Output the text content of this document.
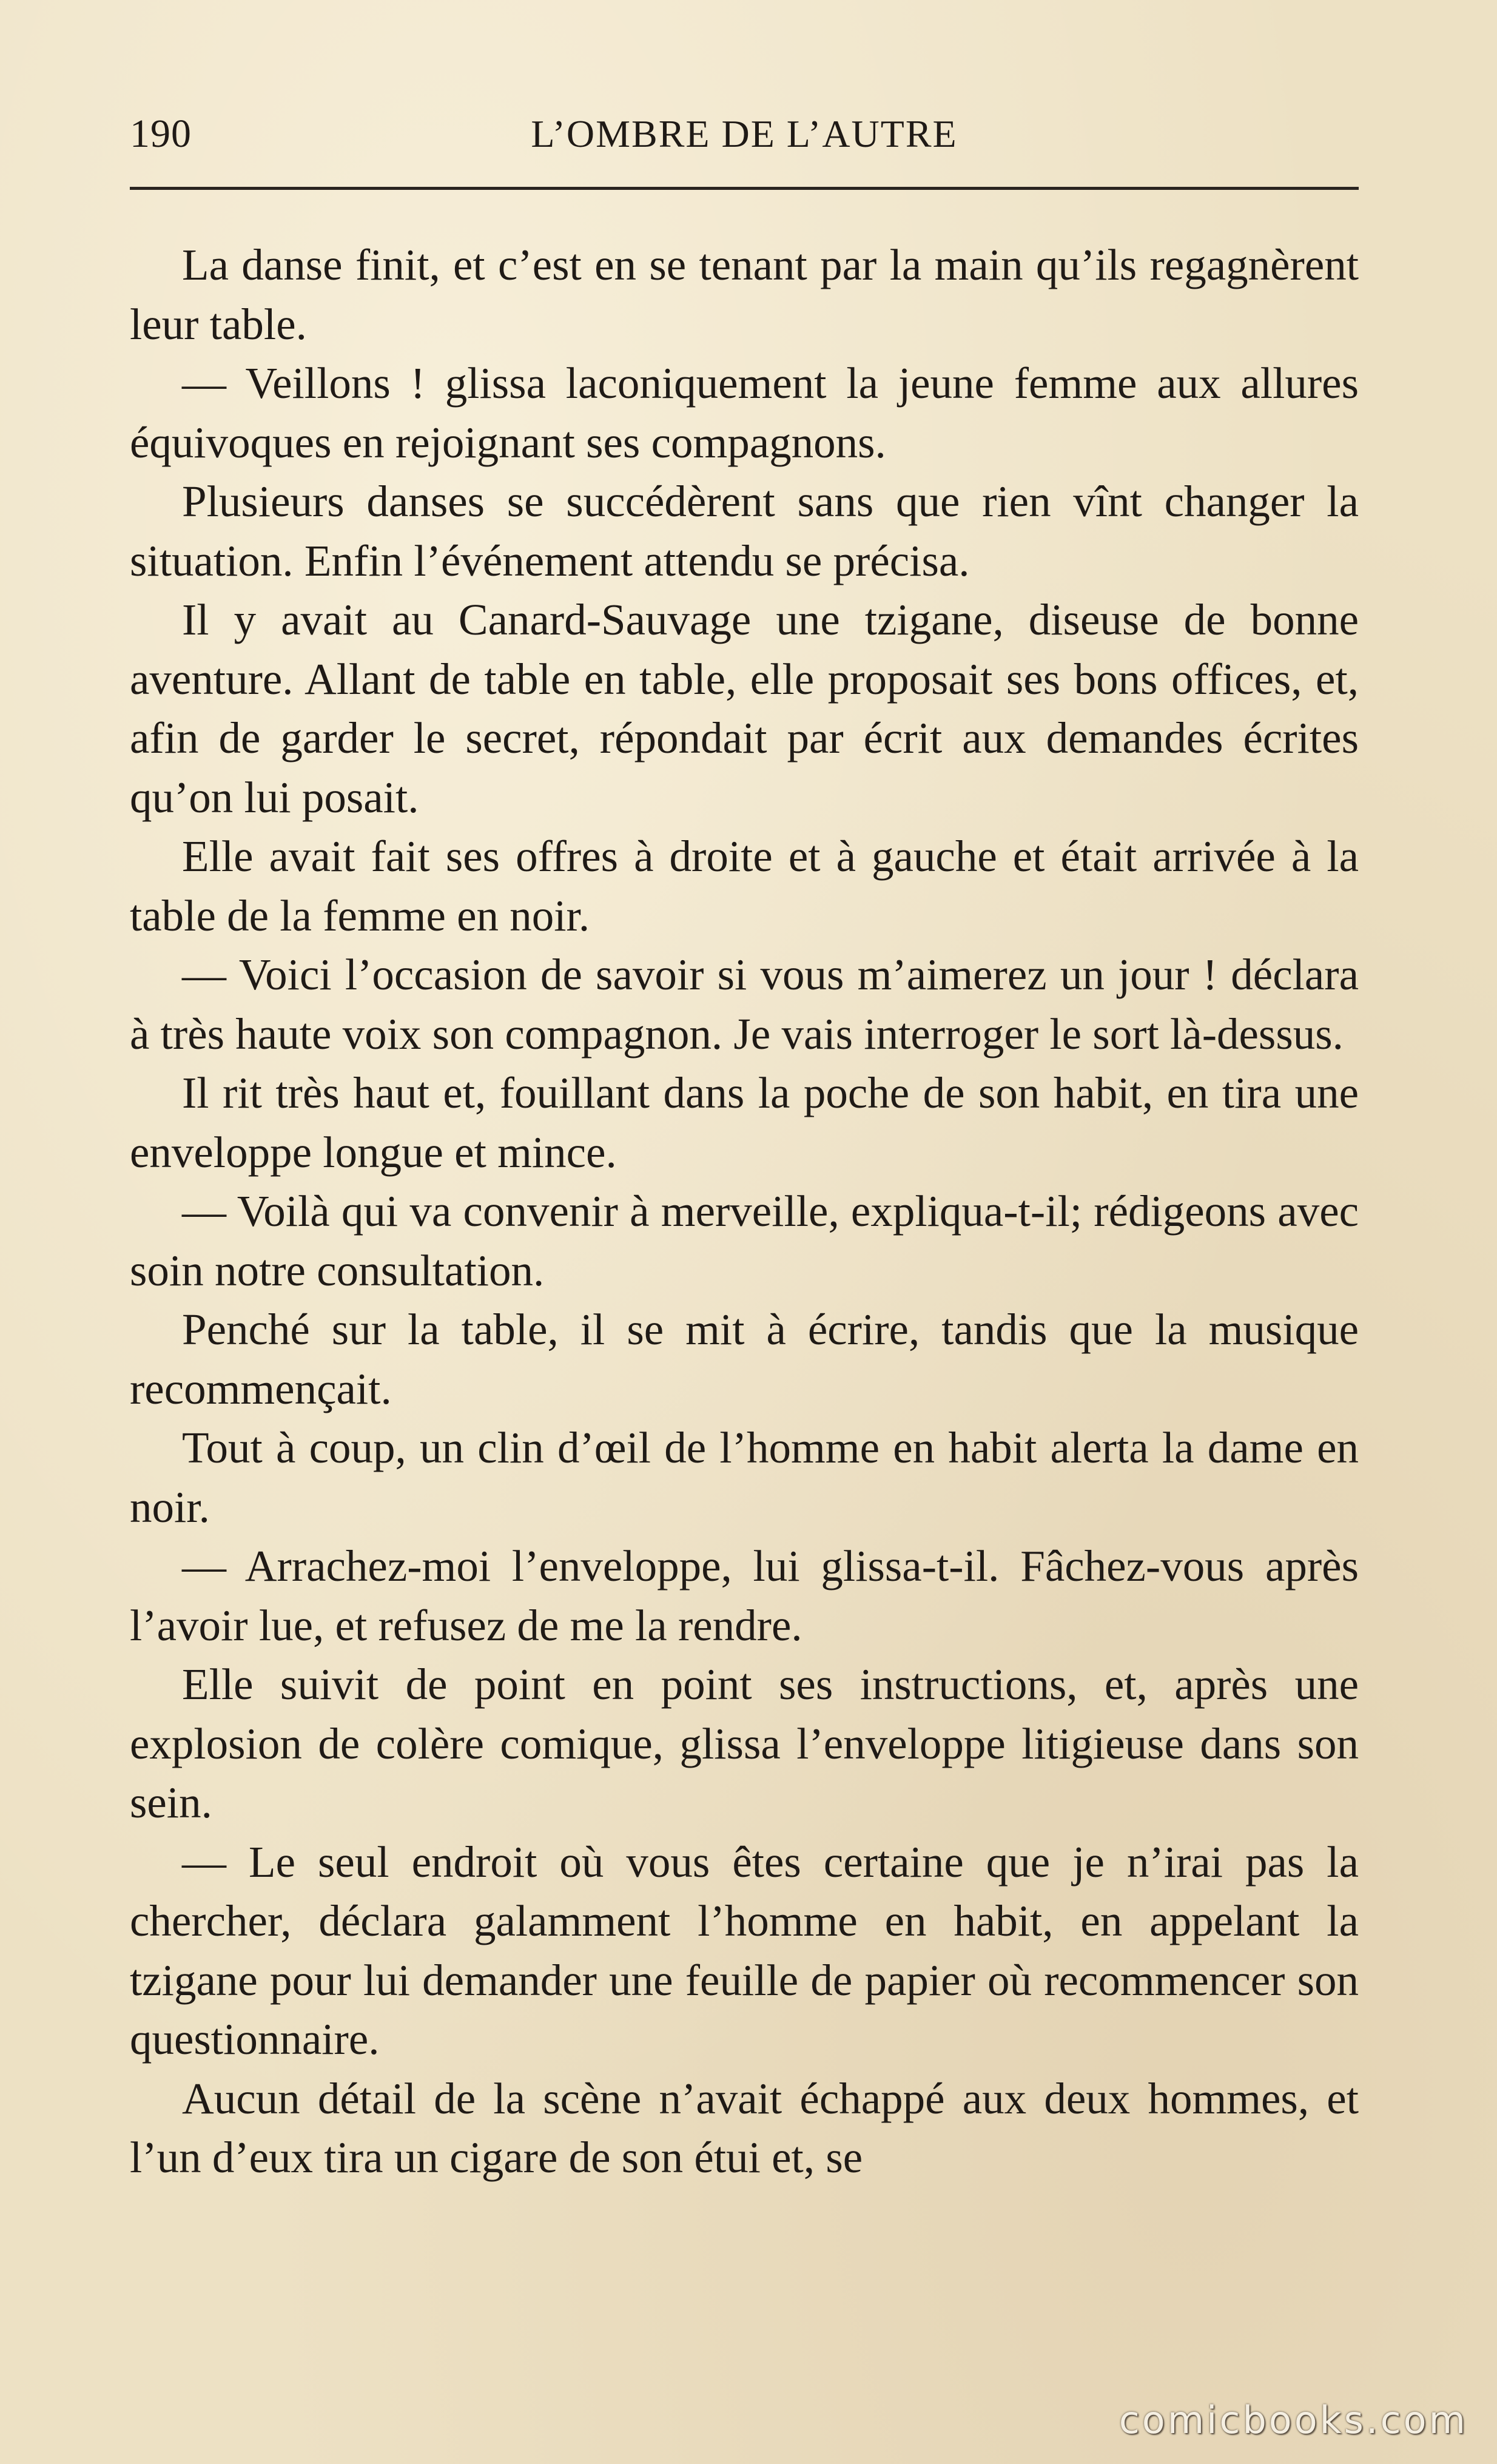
190	L’OMBRE DE L’AUTRE

La danse finit, et c’est en se tenant par la main qu’ils regagnèrent leur table.

— Veillons ! glissa laconiquement la jeune femme aux allures équivoques en rejoignant ses compagnons.

Plusieurs danses se succédèrent sans que rien vînt changer la situation. Enfin l’événement attendu se précisa.

Il y avait au Canard-Sauvage une tzigane, diseuse de bonne aventure. Allant de table en table, elle proposait ses bons offices, et, afin de garder le secret, répondait par écrit aux demandes écrites qu’on lui posait.

Elle avait fait ses offres à droite et à gauche et était arrivée à la table de la femme en noir.

— Voici l’occasion de savoir si vous m’aimerez un jour ! déclara à très haute voix son compagnon. Je vais interroger le sort là-dessus.

Il rit très haut et, fouillant dans la poche de son habit, en tira une enveloppe longue et mince.

— Voilà qui va convenir à merveille, expliqua-t-il; rédigeons avec soin notre consultation.

Penché sur la table, il se mit à écrire, tandis que la musique recommençait.

Tout à coup, un clin d’œil de l’homme en habit alerta la dame en noir.

— Arrachez-moi l’enveloppe, lui glissa-t-il. Fâchez-vous après l’avoir lue, et refusez de me la rendre.

Elle suivit de point en point ses instructions, et, après une explosion de colère comique, glissa l’enveloppe litigieuse dans son sein.

— Le seul endroit où vous êtes certaine que je n’irai pas la chercher, déclara galamment l’homme en habit, en appelant la tzigane pour lui demander une feuille de papier où recommencer son questionnaire.

Aucun détail de la scène n’avait échappé aux deux hommes, et l’un d’eux tira un cigare de son étui et, se

comicbooks.com
